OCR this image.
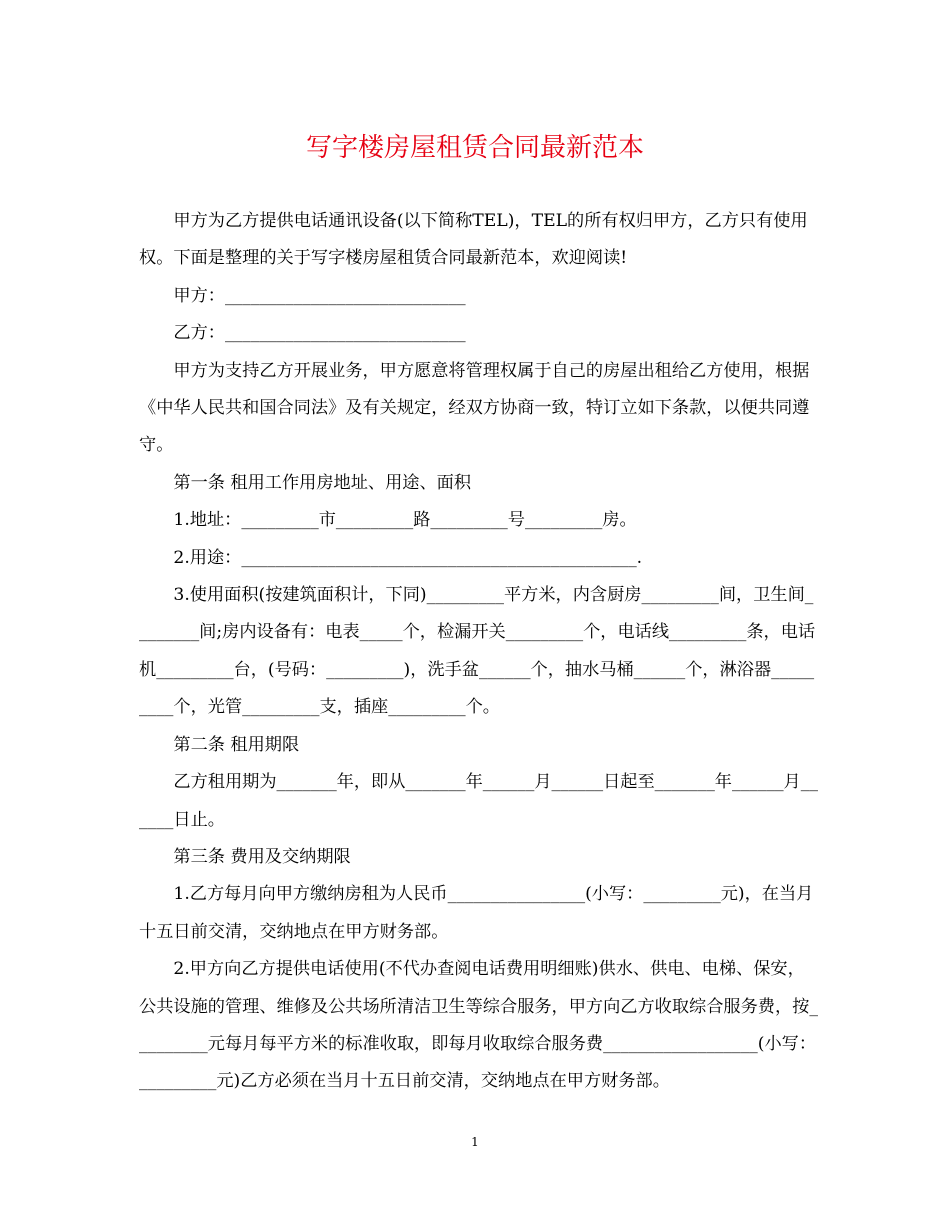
写字楼房屋租赁合同最新范本

甲方为乙方提供电话通讯设备(以下简称TEL)，TEL的所有权归甲方，乙方只有使用权。下面是整理的关于写字楼房屋租赁合同最新范本，欢迎阅读!

甲方：____________________________

乙方：____________________________

甲方为支持乙方开展业务，甲方愿意将管理权属于自己的房屋出租给乙方使用，根据《中华人民共和国合同法》及有关规定，经双方协商一致，特订立如下条款，以便共同遵守。

第一条 租用工作用房地址、用途、面积

1.地址：_________市_________路_________号_________房。

2.用途：______________________________________________.

3.使用面积(按建筑面积计，下同)_________平方米，内含厨房_________间，卫生间________间;房内设备有：电表_____个，检漏开关_________个，电话线_________条，电话机_________台，(号码：_________)，洗手盆______个，抽水马桶______个，淋浴器_________个，光管_________支，插座_________个。

第二条 租用期限

乙方租用期为_______年，即从_______年______月______日起至_______年______月______日止。

第三条 费用及交纳期限

1.乙方每月向甲方缴纳房租为人民币________________(小写：_________元)，在当月十五日前交清，交纳地点在甲方财务部。

2.甲方向乙方提供电话使用(不代办查阅电话费用明细账)供水、供电、电梯、保安，公共设施的管理、维修及公共场所清洁卫生等综合服务，甲方向乙方收取综合服务费，按_________元每月每平方米的标准收取，即每月收取综合服务费__________________(小写：_________元)乙方必须在当月十五日前交清，交纳地点在甲方财务部。

1
